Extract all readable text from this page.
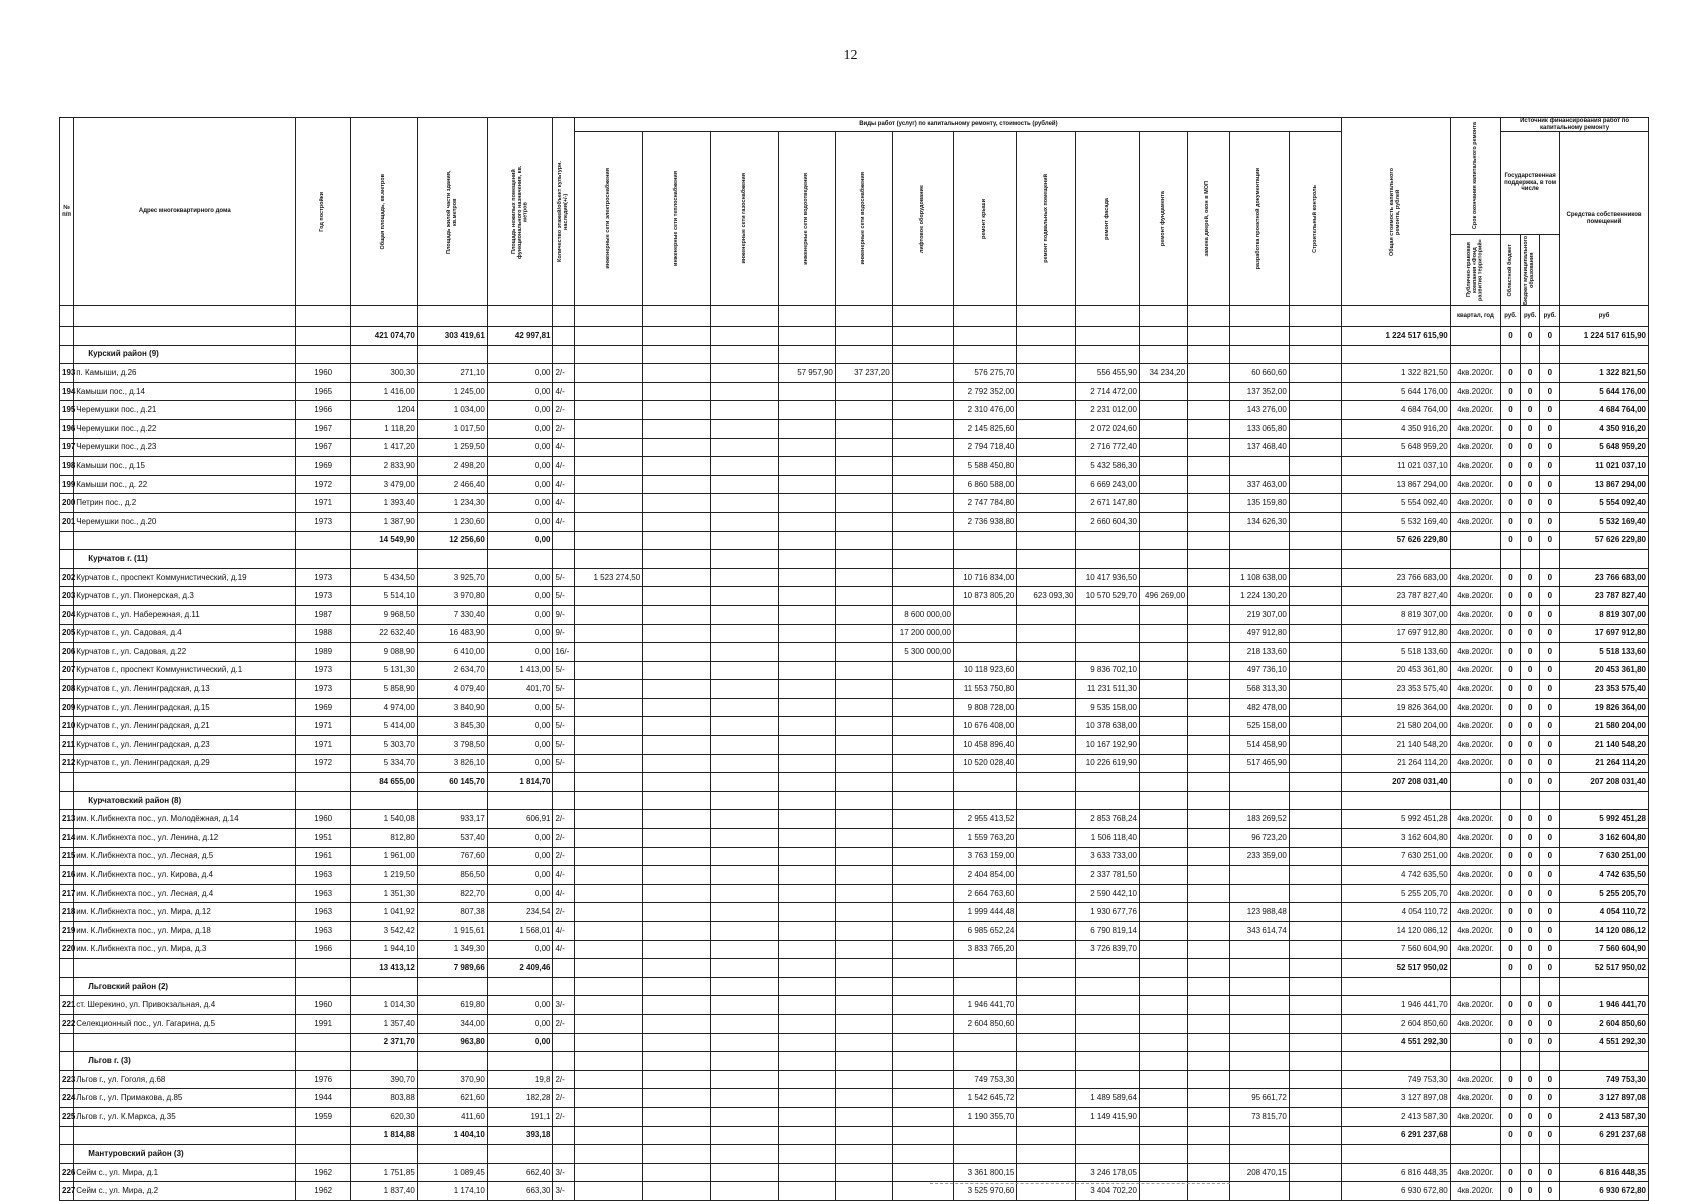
12
№ п/п	Адрес многоквартирного дома	Год постройки	Общая площадь, кв.метров	Площадь жилой части здания, кв.метров	Площадь нежилых помещений функционального назначения, кв. метров	Количество этажей/объект культурн. наследия(+/-)	Виды работ (услуг) по капитальному ремонту, стоимость (рублей)													Общая стоимость капитального ремонта, рублей	Срок окончания капитального ремонта	Источник финансирования работ по капитальному ремонту			

							инженерные сети электроснабжения	инженерные сети теплоснабжения	инженерные сети газоснабжения	инженерные сети водоотведения	инженерные сети водоснабжения	лифтовое оборудование	ремонт крыши	ремонт подвальных помещений	ремонт фасада	ремонт фундамента	замена дверей, окон в МОП	разработка проектной документации	Строительный контроль			Государственная поддержка, в том числе			Средства собственников помещений

																					Публично-правовая компания «Фонд развития территорий»	Областной бюджет	Бюджет муниципального образования		

																					квартал, год	руб.	руб.	руб.	руб
			421 074,70	303 419,61	42 997,81															1 224 517 615,90		0	0	0	1 224 517 615,90
	Курский район (9)																								
193	п. Камыши, д.26	1960	300,30	271,10	0,00	2/-				57 957,90	37 237,20		576 275,70		556 455,90	34 234,20		60 660,60		1 322 821,50	4кв.2020г.	0	0	0	1 322 821,50
194	Камыши пос., д.14	1965	1 416,00	1 245,00	0,00	4/-							2 792 352,00		2 714 472,00			137 352,00		5 644 176,00	4кв.2020г.	0	0	0	5 644 176,00
195	Черемушки пос., д.21	1966	1204	1 034,00	0,00	2/-							2 310 476,00		2 231 012,00			143 276,00		4 684 764,00	4кв.2020г.	0	0	0	4 684 764,00
196	Черемушки пос., д.22	1967	1 118,20	1 017,50	0,00	2/-							2 145 825,60		2 072 024,60			133 065,80		4 350 916,20	4кв.2020г.	0	0	0	4 350 916,20
197	Черемушки пос., д.23	1967	1 417,20	1 259,50	0,00	4/-							2 794 718,40		2 716 772,40			137 468,40		5 648 959,20	4кв.2020г.	0	0	0	5 648 959,20
198	Камыши пос., д.15	1969	2 833,90	2 498,20	0,00	4/-							5 588 450,80		5 432 586,30					11 021 037,10	4кв.2020г.	0	0	0	11 021 037,10
199	Камыши пос., д. 22	1972	3 479,00	2 466,40	0,00	4/-							6 860 588,00		6 669 243,00			337 463,00		13 867 294,00	4кв.2020г.	0	0	0	13 867 294,00
200	Петрин пос., д.2	1971	1 393,40	1 234,30	0,00	4/-							2 747 784,80		2 671 147,80			135 159,80		5 554 092,40	4кв.2020г.	0	0	0	5 554 092,40
201	Черемушки пос., д.20	1973	1 387,90	1 230,60	0,00	4/-							2 736 938,80		2 660 604,30			134 626,30		5 532 169,40	4кв.2020г.	0	0	0	5 532 169,40
			14 549,90	12 256,60	0,00															57 626 229,80		0	0	0	57 626 229,80
	Курчатов г. (11)																								
202	Курчатов г., проспект Коммунистический, д.19	1973	5 434,50	3 925,70	0,00	5/-	1 523 274,50						10 716 834,00		10 417 936,50			1 108 638,00		23 766 683,00	4кв.2020г.	0	0	0	23 766 683,00
203	Курчатов г., ул. Пионерская, д.3	1973	5 514,10	3 970,80	0,00	5/-							10 873 805,20	623 093,30	10 570 529,70	496 269,00		1 224 130,20		23 787 827,40	4кв.2020г.	0	0	0	23 787 827,40
204	Курчатов г., ул. Набережная, д.11	1987	9 968,50	7 330,40	0,00	9/-						8 600 000,00						219 307,00		8 819 307,00	4кв.2020г.	0	0	0	8 819 307,00
205	Курчатов г., ул. Садовая, д.4	1988	22 632,40	16 483,90	0,00	9/-						17 200 000,00						497 912,80		17 697 912,80	4кв.2020г.	0	0	0	17 697 912,80
206	Курчатов г., ул. Садовая, д.22	1989	9 088,90	6 410,00	0,00	16/-						5 300 000,00						218 133,60		5 518 133,60	4кв.2020г.	0	0	0	5 518 133,60
207	Курчатов г., проспект Коммунистический, д.1	1973	5 131,30	2 634,70	1 413,00	5/-							10 118 923,60		9 836 702,10			497 736,10		20 453 361,80	4кв.2020г.	0	0	0	20 453 361,80
208	Курчатов г., ул. Ленинградская, д.13	1973	5 858,90	4 079,40	401,70	5/-							11 553 750,80		11 231 511,30			568 313,30		23 353 575,40	4кв.2020г.	0	0	0	23 353 575,40
209	Курчатов г., ул. Ленинградская, д.15	1969	4 974,00	3 840,90	0,00	5/-							9 808 728,00		9 535 158,00			482 478,00		19 826 364,00	4кв.2020г.	0	0	0	19 826 364,00
210	Курчатов г., ул. Ленинградская, д.21	1971	5 414,00	3 845,30	0,00	5/-							10 676 408,00		10 378 638,00			525 158,00		21 580 204,00	4кв.2020г.	0	0	0	21 580 204,00
211	Курчатов г., ул. Ленинградская, д.23	1971	5 303,70	3 798,50	0,00	5/-							10 458 896,40		10 167 192,90			514 458,90		21 140 548,20	4кв.2020г.	0	0	0	21 140 548,20
212	Курчатов г., ул. Ленинградская, д.29	1972	5 334,70	3 826,10	0,00	5/-							10 520 028,40		10 226 619,90			517 465,90		21 264 114,20	4кв.2020г.	0	0	0	21 264 114,20
			84 655,00	60 145,70	1 814,70															207 208 031,40		0	0	0	207 208 031,40
	Курчатовский район (8)																								
213	им. К.Либкнехта пос., ул. Молодёжная, д.14	1960	1 540,08	933,17	606,91	2/-							2 955 413,52		2 853 768,24			183 269,52		5 992 451,28	4кв.2020г.	0	0	0	5 992 451,28
214	им. К.Либкнехта пос., ул. Ленина, д.12	1951	812,80	537,40	0,00	2/-							1 559 763,20		1 506 118,40			96 723,20		3 162 604,80	4кв.2020г.	0	0	0	3 162 604,80
215	им. К.Либкнехта пос., ул. Лесная, д.5	1961	1 961,00	767,60	0,00	2/-							3 763 159,00		3 633 733,00			233 359,00		7 630 251,00	4кв.2020г.	0	0	0	7 630 251,00
216	им. К.Либкнехта пос., ул. Кирова, д.4	1963	1 219,50	856,50	0,00	4/-							2 404 854,00		2 337 781,50					4 742 635,50	4кв.2020г.	0	0	0	4 742 635,50
217	им. К.Либкнехта пос., ул. Лесная, д.4	1963	1 351,30	822,70	0,00	4/-							2 664 763,60		2 590 442,10					5 255 205,70	4кв.2020г.	0	0	0	5 255 205,70
218	им. К.Либкнехта пос., ул. Мира, д.12	1963	1 041,92	807,38	234,54	2/-							1 999 444,48		1 930 677,76			123 988,48		4 054 110,72	4кв.2020г.	0	0	0	4 054 110,72
219	им. К.Либкнехта пос., ул. Мира, д.18	1963	3 542,42	1 915,61	1 568,01	4/-							6 985 652,24		6 790 819,14			343 614,74		14 120 086,12	4кв.2020г.	0	0	0	14 120 086,12
220	им. К.Либкнехта пос., ул. Мира, д.3	1966	1 944,10	1 349,30	0,00	4/-							3 833 765,20		3 726 839,70					7 560 604,90	4кв.2020г.	0	0	0	7 560 604,90
			13 413,12	7 989,66	2 409,46															52 517 950,02		0	0	0	52 517 950,02
	Льговский район (2)																								
221	ст. Шерекино, ул. Привокзальная, д.4	1960	1 014,30	619,80	0,00	3/-							1 946 441,70							1 946 441,70	4кв.2020г.	0	0	0	1 946 441,70
222	Селекционный пос., ул. Гагарина, д.5	1991	1 357,40	344,00	0,00	2/-							2 604 850,60							2 604 850,60	4кв.2020г.	0	0	0	2 604 850,60
			2 371,70	963,80	0,00															4 551 292,30		0	0	0	4 551 292,30
	Льгов г. (3)																								
223	Льгов г., ул. Гоголя, д.68	1976	390,70	370,90	19,8	2/-							749 753,30							749 753,30	4кв.2020г.	0	0	0	749 753,30
224	Льгов г., ул. Примакова, д.85	1944	803,88	621,60	182,28	2/-							1 542 645,72		1 489 589,64			95 661,72		3 127 897,08	4кв.2020г.	0	0	0	3 127 897,08
225	Льгов г., ул. К.Маркса, д.35	1959	620,30	411,60	191,1	2/-							1 190 355,70		1 149 415,90			73 815,70		2 413 587,30	4кв.2020г.	0	0	0	2 413 587,30
			1 814,88	1 404,10	393,18															6 291 237,68		0	0	0	6 291 237,68
	Мантуровский район (3)																								
226	Сейм с., ул. Мира, д.1	1962	1 751,85	1 089,45	662,40	3/-							3 361 800,15		3 246 178,05			208 470,15		6 816 448,35	4кв.2020г.	0	0	0	6 816 448,35
227	Сейм с., ул. Мира, д.2	1962	1 837,40	1 174,10	663,30	3/-							3 525 970,60		3 404 702,20					6 930 672,80	4кв.2020г.	0	0	0	6 930 672,80
